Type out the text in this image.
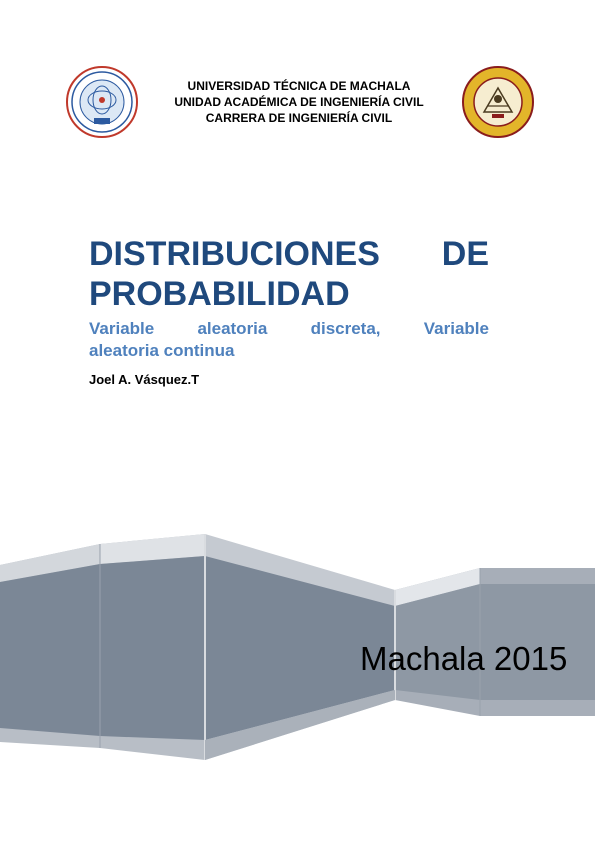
UNIVERSIDAD TÉCNICA DE MACHALA
UNIDAD ACADÉMICA DE INGENIERÍA CIVIL
CARRERA DE INGENIERÍA CIVIL
DISTRIBUCIONES DE
PROBABILIDAD
Variable	aleatoria	discreta,	Variable
aleatoria continua
Joel A. Vásquez.T
Machala 2015
